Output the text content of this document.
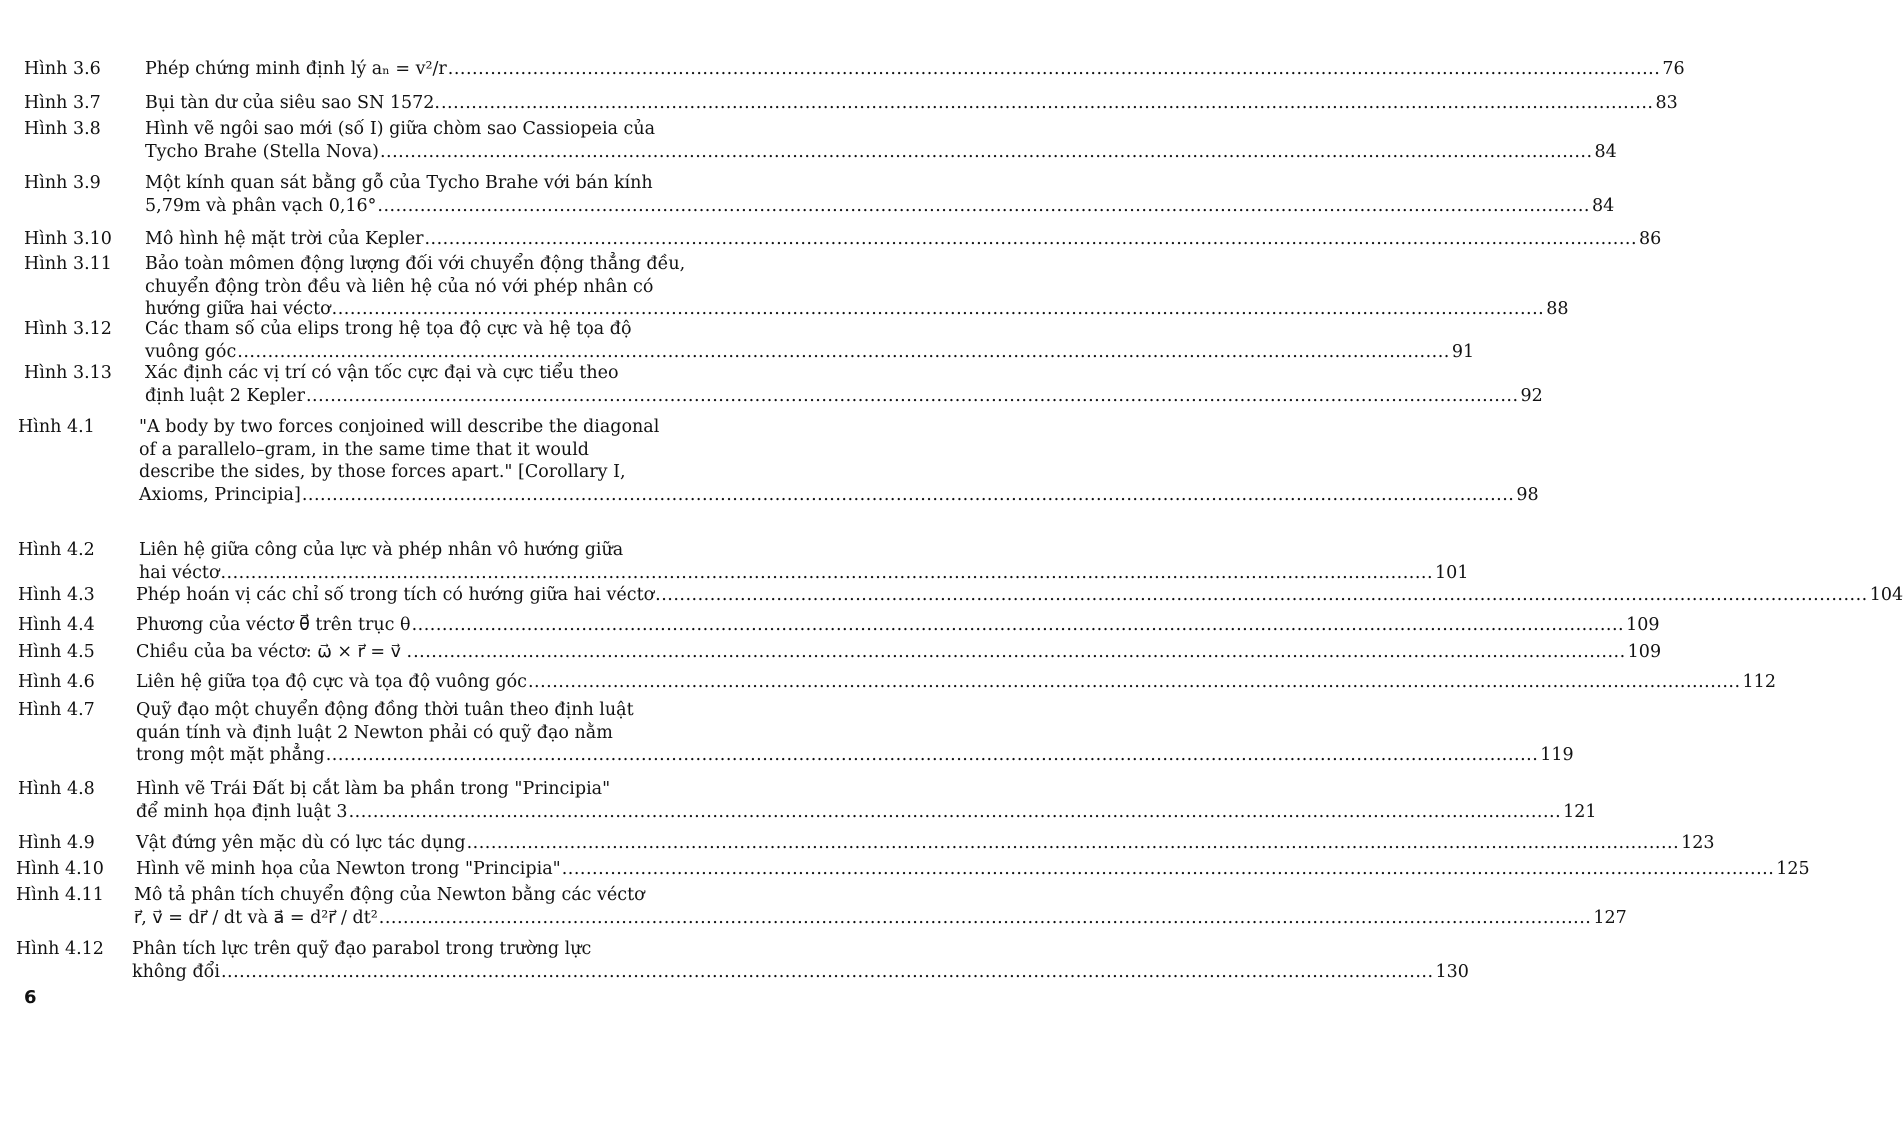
Hình 3.6	Phép chứng minh định lý aₙ = v²/r ........................................................................................................................................................................................................ 76
Hình 3.7	Bụi tàn dư của siêu sao SN 1572. ........................................................................................................................................................................................................ 83
Hình 3.8	Hình vẽ ngôi sao mới (số I) giữa chòm sao Cassiopeia của
Tycho Brahe (Stella Nova) ........................................................................................................................................................................................................ 84
Hình 3.9	Một kính quan sát bằng gỗ của Tycho Brahe với bán kính
5,79m và phân vạch 0,16° ........................................................................................................................................................................................................ 84
Hình 3.10	Mô hình hệ mặt trời của Kepler ........................................................................................................................................................................................................ 86
Hình 3.11	Bảo toàn mômen động lượng đối với chuyển động thẳng đều,
chuyển động tròn đều và liên hệ của nó với phép nhân có
hướng giữa hai véctơ ........................................................................................................................................................................................................ 88
Hình 3.12	Các tham số của elips trong hệ tọa độ cực và hệ tọa độ
vuông góc ........................................................................................................................................................................................................ 91
Hình 3.13	Xác định các vị trí có vận tốc cực đại và cực tiểu theo
định luật 2 Kepler ........................................................................................................................................................................................................ 92
Hình 4.1	"A body by two forces conjoined will describe the diagonal
of a parallelo–gram, in the same time that it would
describe the sides, by those forces apart." [Corollary I,
Axioms, Principia] ........................................................................................................................................................................................................ 98
Hình 4.2	Liên hệ giữa công của lực và phép nhân vô hướng giữa
hai véctơ ........................................................................................................................................................................................................ 101
Hình 4.3	Phép hoán vị các chỉ số trong tích có hướng giữa hai véctơ ........................................................................................................................................................................................................ 104
Hình 4.4	Phương của véctơ θ⃗ trên trục θ ........................................................................................................................................................................................................ 109
Hình 4.5	Chiều của ba véctơ: ω⃗ × r⃗ = v⃗ . ........................................................................................................................................................................................................ 109
Hình 4.6	Liên hệ giữa tọa độ cực và tọa độ vuông góc ........................................................................................................................................................................................................ 112
Hình 4.7	Quỹ đạo một chuyển động đồng thời tuân theo định luật
quán tính và định luật 2 Newton phải có quỹ đạo nằm
trong một mặt phẳng ........................................................................................................................................................................................................ 119
Hình 4.8	Hình vẽ Trái Đất bị cắt làm ba phần trong "Principia"
để minh họa định luật 3 ........................................................................................................................................................................................................ 121
Hình 4.9	Vật đứng yên mặc dù có lực tác dụng ........................................................................................................................................................................................................ 123
Hình 4.10	Hình vẽ minh họa của Newton trong "Principia" ........................................................................................................................................................................................................ 125
Hình 4.11	Mô tả phân tích chuyển động của Newton bằng các véctơ
r⃗, v⃗ = dr⃗ / dt và a⃗ = d²r⃗ / dt² ........................................................................................................................................................................................................ 127
Hình 4.12	Phân tích lực trên quỹ đạo parabol trong trường lực
không đổi ........................................................................................................................................................................................................ 130
6
